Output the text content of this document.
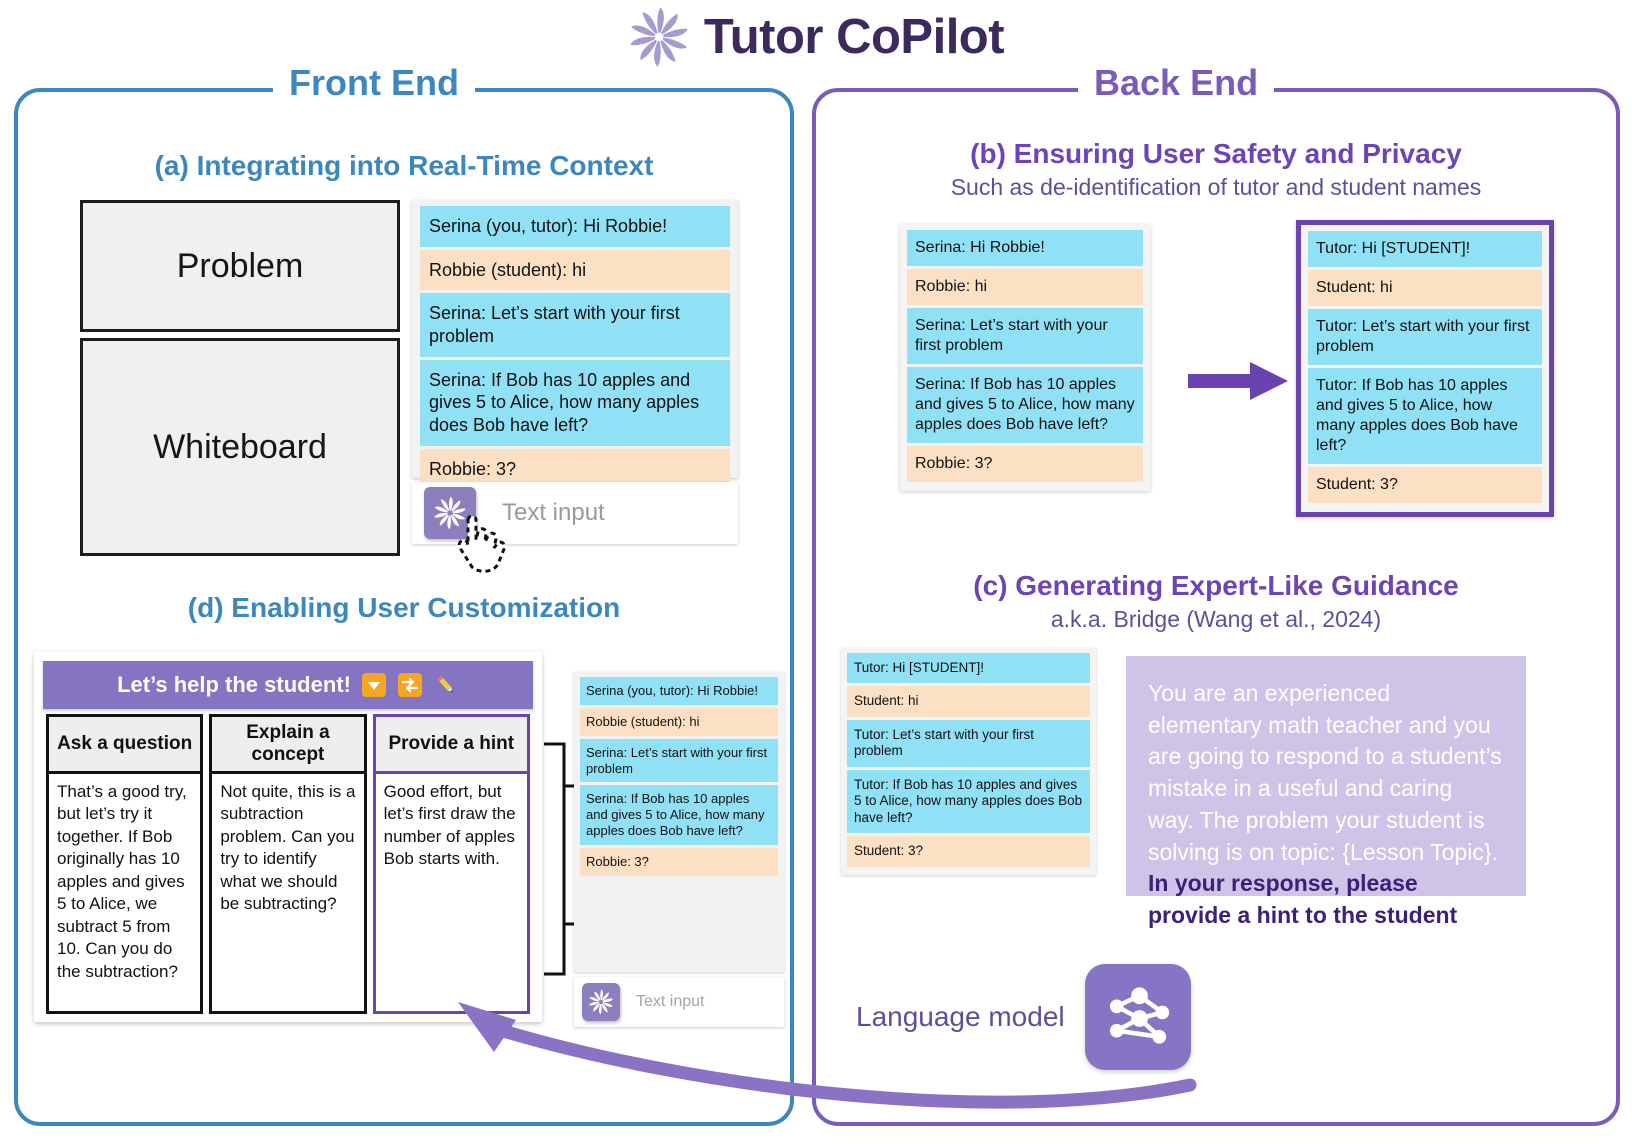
Tutor CoPilot
Front End
(a) Integrating into Real-Time Context
Problem
Whiteboard
Serina (you, tutor): Hi Robbie!
Robbie (student): hi
Serina: Let’s start with your first problem
Serina: If Bob has 10 apples and gives 5 to Alice, how many apples does Bob have left?
Robbie: 3?
Text input
(d) Enabling User Customization
Let’s help the student!
Ask a question
That’s a good try, but let’s try it together. If Bob originally has 10 apples and gives 5 to Alice, we subtract 5 from 10. Can you do the subtraction?
Explain a concept
Not quite, this is a subtraction problem. Can you try to identify what we should be subtracting?
Provide a hint
Good effort, but let’s first draw the number of apples Bob starts with.
Serina (you, tutor): Hi Robbie!
Robbie (student): hi
Serina: Let’s start with your first problem
Serina: If Bob has 10 apples and gives 5 to Alice, how many apples does Bob have left?
Robbie: 3?
Text input
Back End
(b) Ensuring User Safety and Privacy
Such as de-identification of tutor and student names
Serina: Hi Robbie!
Robbie: hi
Serina: Let’s start with your first problem
Serina: If Bob has 10 apples and gives 5 to Alice, how many apples does Bob have left?
Robbie: 3?
Tutor: Hi [STUDENT]!
Student: hi
Tutor: Let’s start with your first problem
Tutor: If Bob has 10 apples and gives 5 to Alice, how many apples does Bob have left?
Student: 3?
(c) Generating Expert-Like Guidance
a.k.a. Bridge (Wang et al., 2024)
Tutor: Hi [STUDENT]!
Student: hi
Tutor: Let’s start with your first problem
Tutor: If Bob has 10 apples and gives 5 to Alice, how many apples does Bob have left?
Student: 3?
You are an experienced elementary math teacher and you are going to respond to a student’s mistake in a useful and caring way. The problem your student is solving is on topic: {Lesson Topic}. In your response, please provide a hint to the student.
Language model
